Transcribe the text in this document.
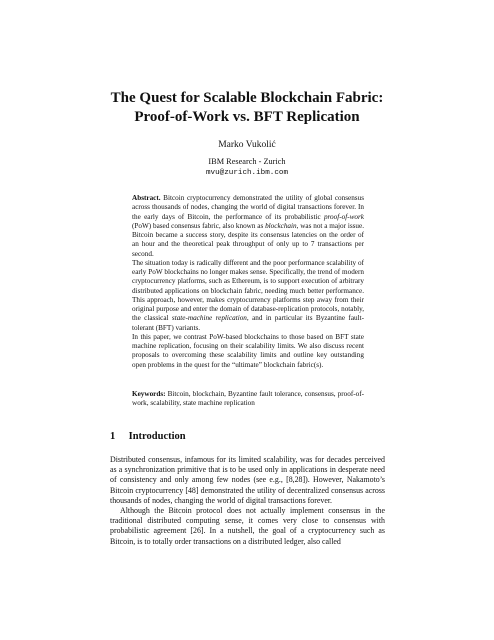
The Quest for Scalable Blockchain Fabric:
Proof-of-Work vs. BFT Replication
Marko Vukolić
IBM Research - Zurich
mvu@zurich.ibm.com

Abstract. Bitcoin cryptocurrency demonstrated the utility of global consensus across thousands of nodes, changing the world of digital transactions forever. In the early days of Bitcoin, the performance of its probabilistic proof-of-work (PoW) based consensus fabric, also known as blockchain, was not a major issue. Bitcoin became a success story, despite its consensus latencies on the order of an hour and the theoretical peak throughput of only up to 7 transactions per second.

The situation today is radically different and the poor performance scalability of early PoW blockchains no longer makes sense. Specifically, the trend of modern cryptocurrency platforms, such as Ethereum, is to support execution of arbitrary distributed applications on blockchain fabric, needing much better performance. This approach, however, makes cryptocurrency platforms step away from their original purpose and enter the domain of database-replication protocols, notably, the classical state-machine replication, and in particular its Byzantine fault-tolerant (BFT) variants.

In this paper, we contrast PoW-based blockchains to those based on BFT state machine replication, focusing on their scalability limits. We also discuss recent proposals to overcoming these scalability limits and outline key outstanding open problems in the quest for the “ultimate” blockchain fabric(s).

Keywords: Bitcoin, blockchain, Byzantine fault tolerance, consensus, proof-of-work, scalability, state machine replication
1 Introduction

Distributed consensus, infamous for its limited scalability, was for decades perceived as a synchronization primitive that is to be used only in applications in desperate need of consistency and only among few nodes (see e.g., [8,28]). However, Nakamoto’s Bitcoin cryptocurrency [48] demonstrated the utility of decentralized consensus across thousands of nodes, changing the world of digital transactions forever.

Although the Bitcoin protocol does not actually implement consensus in the traditional distributed computing sense, it comes very close to consensus with probabilistic agreement [26]. In a nutshell, the goal of a cryptocurrency such as Bitcoin, is to totally order transactions on a distributed ledger, also called
